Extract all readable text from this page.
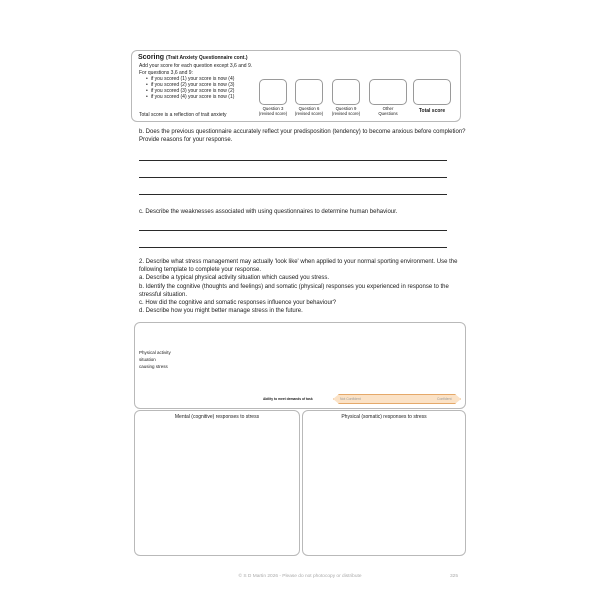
Scoring (Trait Anxiety Questionnaire cont.)
Add your score for each question except 3,6 and 9.
For questions 3,6 and 9:
• if you scored (1) your score is now (4)
• if you scored (2) your score is now (3)
• if you scored (3) your score is now (2)
• if you scored (4) your score is now (1)
Total score is a reflection of trait anxiety
Question 3
(revised score)
Question 6
(revised score)
Question 9
(revised score)
Other
Questions	Total score
b. Does the previous questionnaire accurately reflect your predisposition (tendency) to become anxious before completion? Provide reasons for your response.
c. Describe the weaknesses associated with using questionnaires to determine human behaviour.
2. Describe what stress management may actually 'look like' when applied to your normal sporting environment. Use the following template to complete your response.
a. Describe a typical physical activity situation which caused you stress.
b. Identify the cognitive (thoughts and feelings) and somatic (physical) responses you experienced in response to the stressful situation.
c. How did the cognitive and somatic responses influence your behaviour?
d. Describe how you might better manage stress in the future.
Physical activity
situation
causing stress
Ability to meet demands of task	Not Confident	Confident
Mental (cognitive) responses to stress	Physical (somatic) responses to stress
© S D Martin 2026 - Please do not photocopy or distribute	325
